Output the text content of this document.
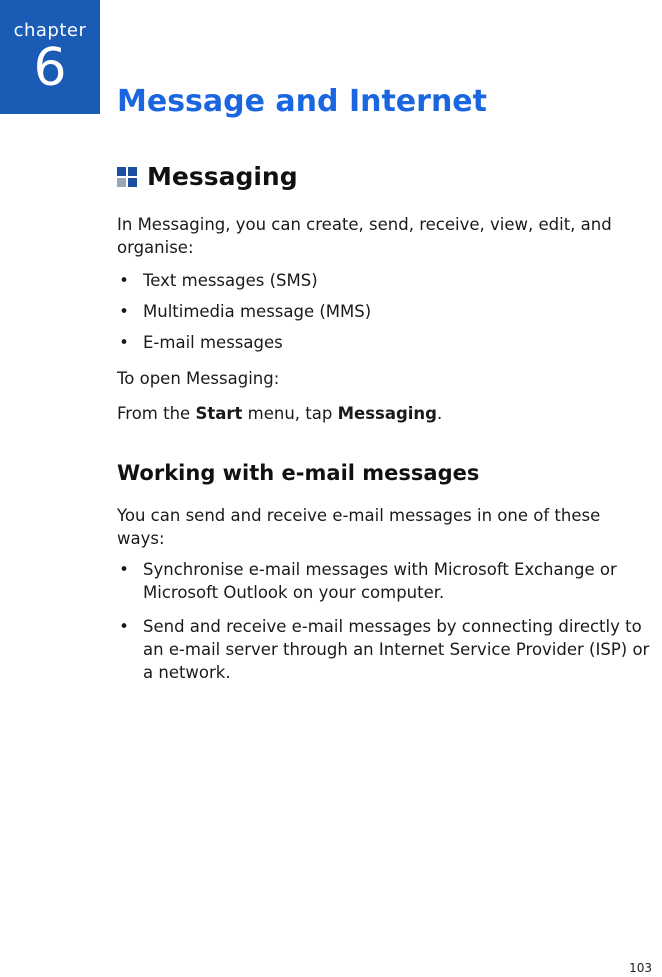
chapter
6
Message and Internet
Messaging

In Messaging, you can create, send, receive, view, edit, and organise:

• Text messages (SMS)
• Multimedia message (MMS)
• E-mail messages

To open Messaging:

From the Start menu, tap Messaging.

Working with e-mail messages

You can send and receive e-mail messages in one of these ways:

• Synchronise e-mail messages with Microsoft Exchange or Microsoft Outlook on your computer.
• Send and receive e-mail messages by connecting directly to an e-mail server through an Internet Service Provider (ISP) or a network.
103
